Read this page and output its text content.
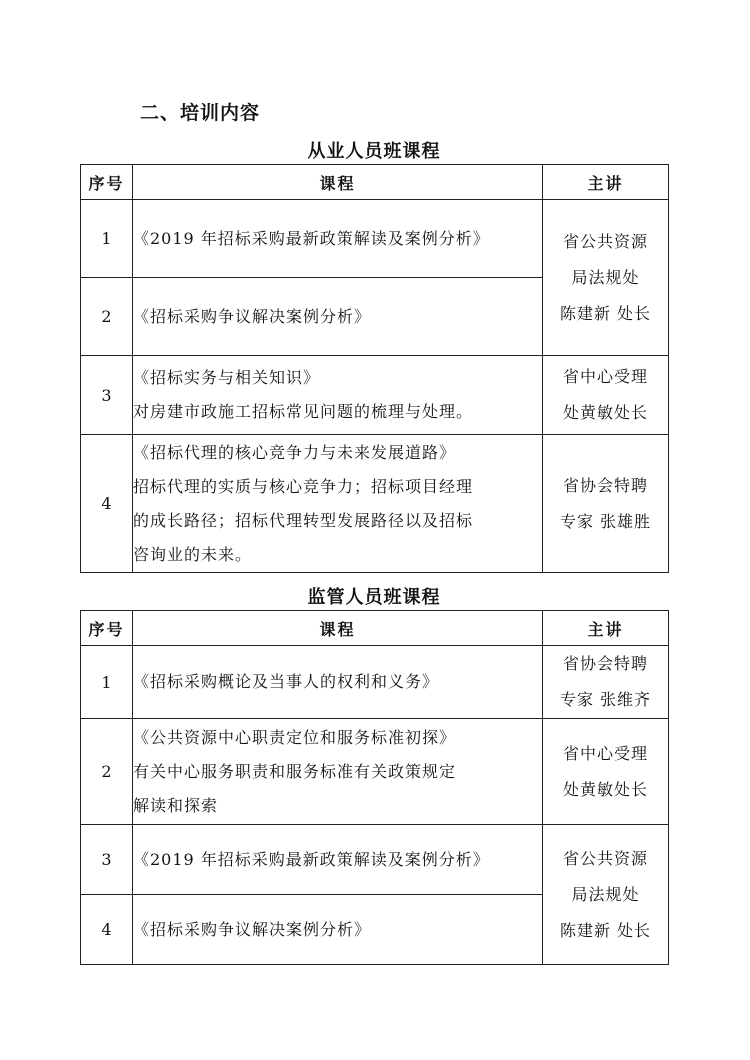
二、培训内容
从业人员班课程
序号	课程	主讲
1	《2019 年招标采购最新政策解读及案例分析》	省公共资源
局法规处
陈建新 处长

2	《招标采购争议解决案例分析》	

3	《招标实务与相关知识》
对房建市政施工招标常见问题的梳理与处理。	省中心受理
处黄敏处长

4	《招标代理的核心竞争力与未来发展道路》
招标代理的实质与核心竞争力；招标项目经理
的成长路径；招标代理转型发展路径以及招标
咨询业的未来。	省协会特聘
专家 张雄胜
监管人员班课程
序号	课程	主讲
1	《招标采购概论及当事人的权利和义务》	省协会特聘
专家 张维齐

2	《公共资源中心职责定位和服务标准初探》
有关中心服务职责和服务标准有关政策规定
解读和探索	省中心受理
处黄敏处长

3	《2019 年招标采购最新政策解读及案例分析》	省公共资源
局法规处
陈建新 处长

4	《招标采购争议解决案例分析》	
